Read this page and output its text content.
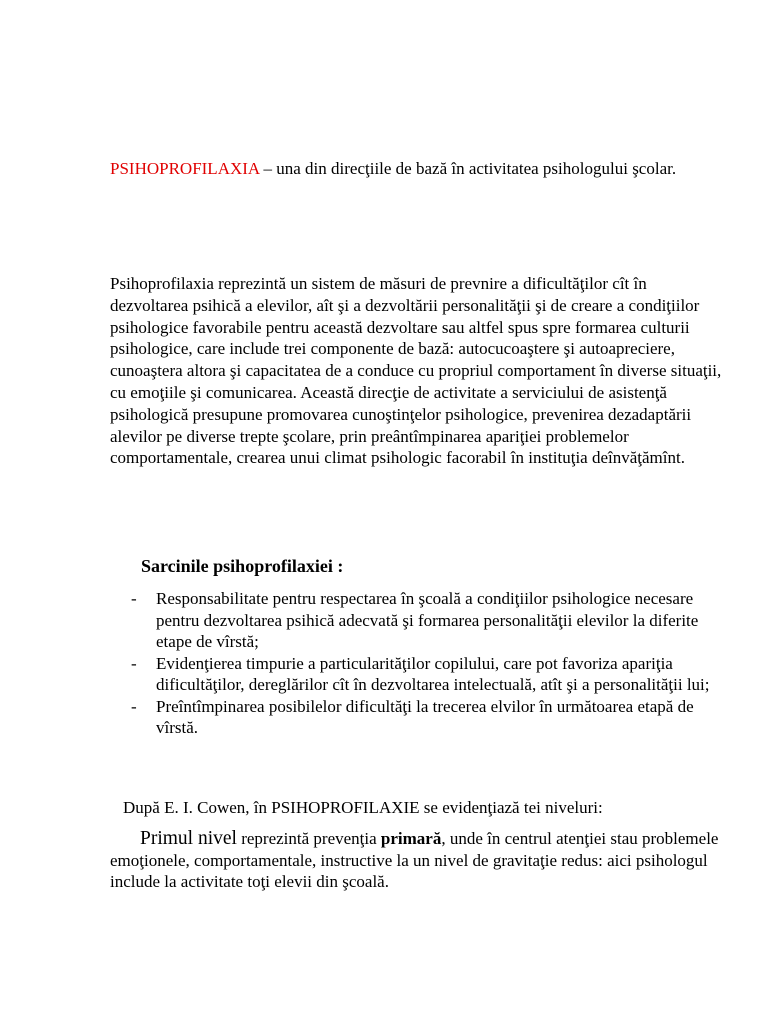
PSIHOPROFILAXIA – una din direcţiile de bază în activitatea psihologului şcolar.

Psihoprofilaxia reprezintă un sistem de măsuri de prevnire a dificultăţilor cît în dezvoltarea psihică a elevilor, aît şi a dezvoltării personalităţii şi de creare a condiţiilor psihologice favorabile pentru această dezvoltare sau altfel spus spre formarea culturii psihologice, care include trei componente de bază: autocucoaştere şi autoapreciere, cunoaştera altora şi capacitatea de a conduce cu propriul comportament în diverse situaţii, cu emoţiile şi comunicarea. Această direcţie de activitate a serviciului de asistenţă psihologică presupune promovarea cunoştinţelor psihologice, prevenirea dezadaptării alevilor pe diverse trepte şcolare, prin preântîmpinarea apariţiei problemelor comportamentale, crearea unui climat psihologic facorabil în instituţia deînvăţămînt.

Sarcinile psihoprofilaxiei :

- Responsabilitate pentru respectarea în şcoală a condiţiilor psihologice necesare pentru dezvoltarea psihică adecvată şi formarea personalităţii elevilor la diferite etape de vîrstă;
- Evidenţierea timpurie a particularităţilor copilului, care pot favoriza apariţia dificultăţilor, dereglărilor cît în dezvoltarea intelectuală, atît şi a personalităţii lui;
- Preîntîmpinarea posibilelor dificultăţi la trecerea elvilor în următoarea etapă de vîrstă.

După E. I. Cowen, în PSIHOPROFILAXIE se evidenţiază tei niveluri:

Primul nivel reprezintă prevenţia primară, unde în centrul atenţiei stau problemele emoţionele, comportamentale, instructive la un nivel de gravitaţie redus: aici psihologul include la activitate toţi elevii din şcoală.
